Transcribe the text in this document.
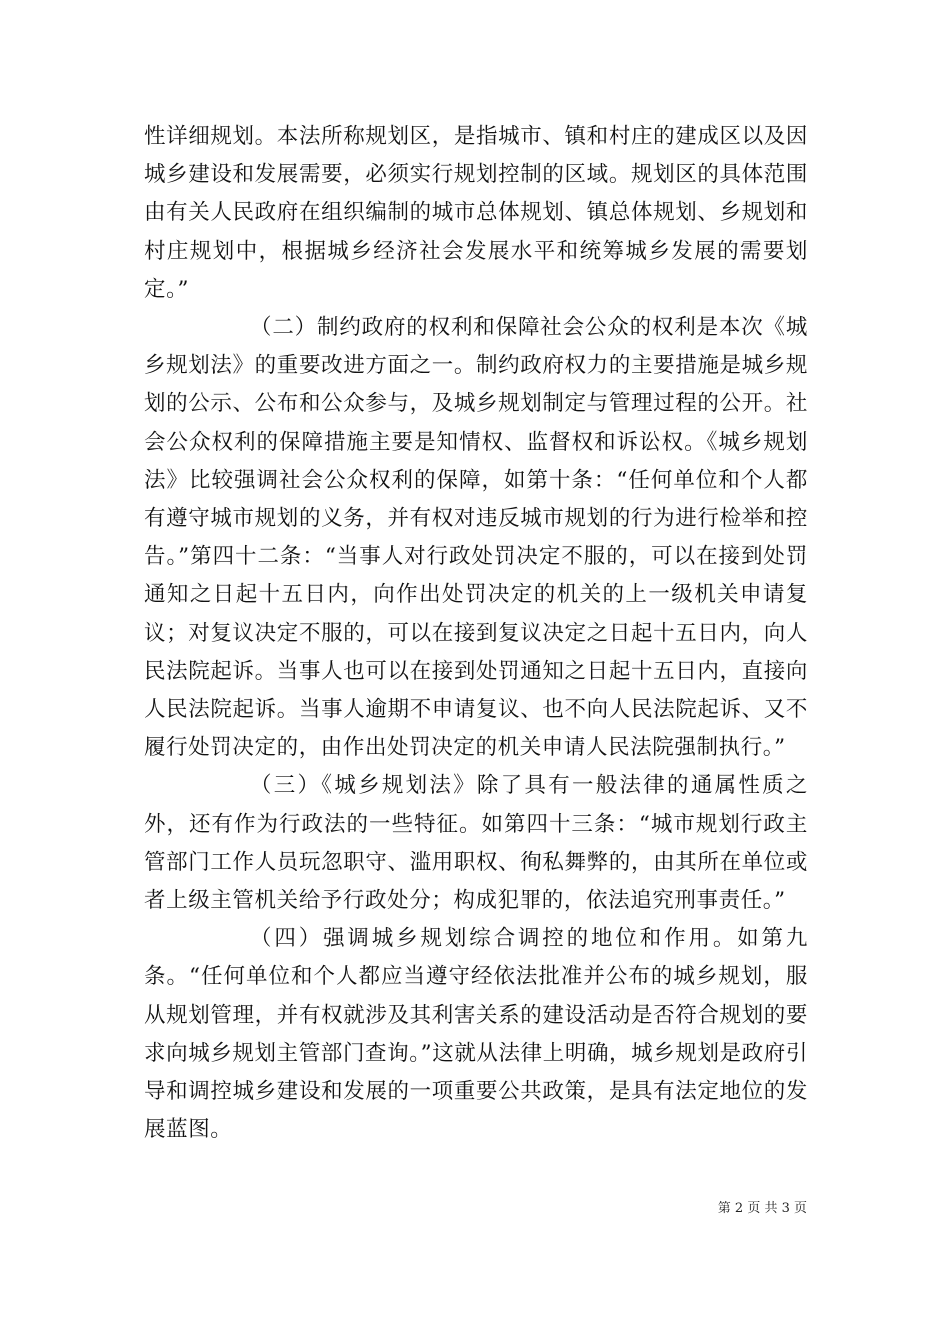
性详细规划。本法所称规划区，是指城市、镇和村庄的建成区以及因城乡建设和发展需要，必须实行规划控制的区域。规划区的具体范围由有关人民政府在组织编制的城市总体规划、镇总体规划、乡规划和村庄规划中，根据城乡经济社会发展水平和统筹城乡发展的需要划定。”

（二）制约政府的权利和保障社会公众的权利是本次《城乡规划法》的重要改进方面之一。制约政府权力的主要措施是城乡规划的公示、公布和公众参与，及城乡规划制定与管理过程的公开。社会公众权利的保障措施主要是知情权、监督权和诉讼权。《城乡规划法》比较强调社会公众权利的保障，如第十条：“任何单位和个人都有遵守城市规划的义务，并有权对违反城市规划的行为进行检举和控告。”第四十二条：“当事人对行政处罚决定不服的，可以在接到处罚通知之日起十五日内，向作出处罚决定的机关的上一级机关申请复议；对复议决定不服的，可以在接到复议决定之日起十五日内，向人民法院起诉。当事人也可以在接到处罚通知之日起十五日内，直接向人民法院起诉。当事人逾期不申请复议、也不向人民法院起诉、又不履行处罚决定的，由作出处罚决定的机关申请人民法院强制执行。”

（三）《城乡规划法》除了具有一般法律的通属性质之外，还有作为行政法的一些特征。如第四十三条：“城市规划行政主管部门工作人员玩忽职守、滥用职权、徇私舞弊的，由其所在单位或者上级主管机关给予行政处分；构成犯罪的，依法追究刑事责任。”

（四）强调城乡规划综合调控的地位和作用。如第九条。“任何单位和个人都应当遵守经依法批准并公布的城乡规划，服从规划管理，并有权就涉及其利害关系的建设活动是否符合规划的要求向城乡规划主管部门查询。”这就从法律上明确，城乡规划是政府引导和调控城乡建设和发展的一项重要公共政策，是具有法定地位的发展蓝图。

第 2 页 共 3 页
